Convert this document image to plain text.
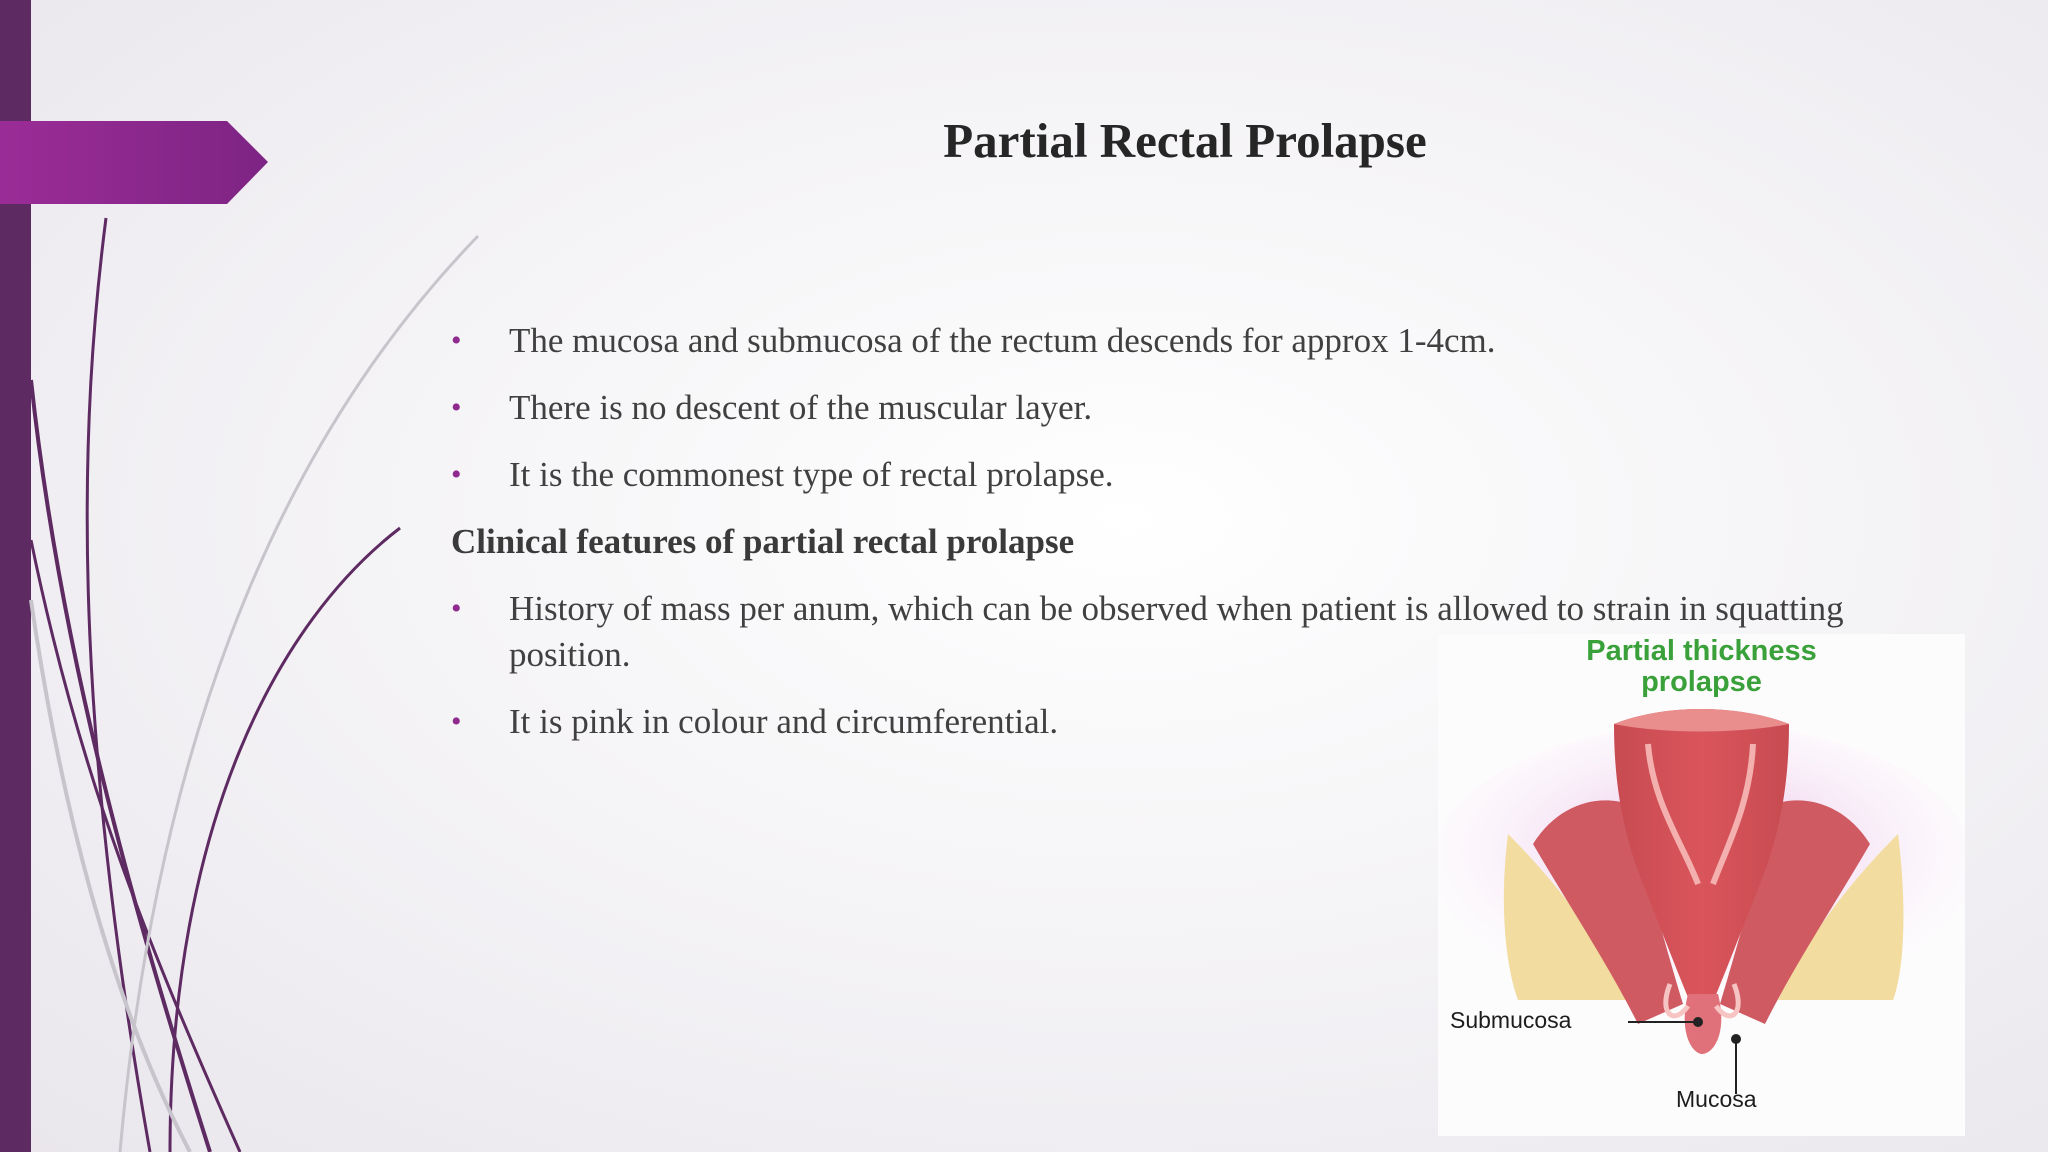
Partial Rectal Prolapse
• The mucosa and submucosa of the rectum descends for approx 1-4cm.
• There is no descent of the muscular layer.
• It is the commonest type of rectal prolapse.
Clinical features of partial rectal prolapse
• History of mass per anum, which can be observed when patient is allowed to strain in squatting position.
• It is pink in colour and circumferential.
Partial thickness
prolapse
Submucosa
Mucosa
